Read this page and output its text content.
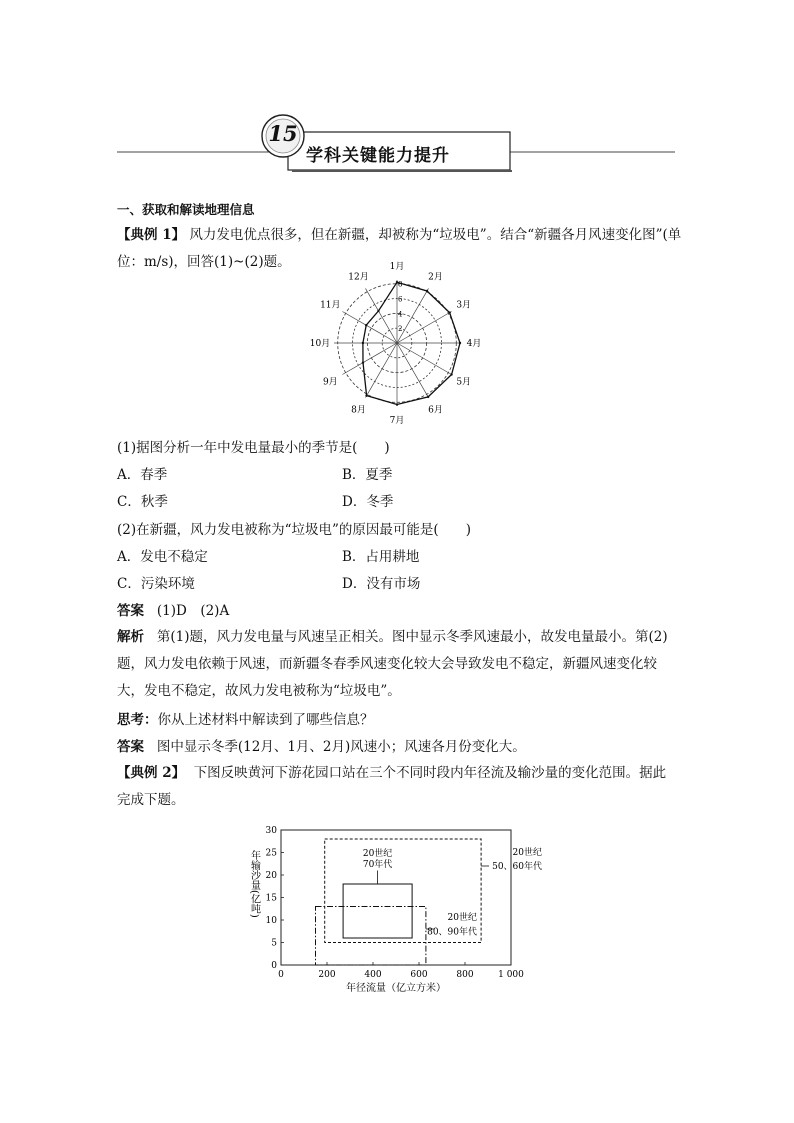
15
学科关键能力提升
一、获取和解读地理信息
【典例 1】 风力发电优点很多，但在新疆，却被称为“垃圾电”。结合“新疆各月风速变化图”(单
位：m/s)，回答(1)~(2)题。
2
4
6
8
1月
2月
3月
4月
5月
6月
7月
8月
9月
10月
11月
12月
(1)据图分析一年中发电量最小的季节是(　　)
A．春季	B．夏季
C．秋季	D．冬季
(2)在新疆，风力发电被称为“垃圾电”的原因最可能是(　　)
A．发电不稳定	B．占用耕地
C．污染环境	D．没有市场
答案 (1)D　(2)A
解析 第(1)题，风力发电量与风速呈正相关。图中显示冬季风速最小，故发电量最小。第(2)题，风力发电依赖于风速，而新疆冬春季风速变化较大会导致发电不稳定，新疆风速变化较大，发电不稳定，故风力发电被称为“垃圾电”。
思考：你从上述材料中解读到了哪些信息？
答案 图中显示冬季(12月、1月、2月)风速小；风速各月份变化大。
【典例 2】 下图反映黄河下游花园口站在三个不同时段内年径流及输沙量的变化范围。据此完成下题。
0	200	400	600	800	1 000
0
5
10
15
20
25
30
年径流量（亿立方米）
年输沙量(亿吨)	20世纪
50、60年代
20世纪
70年代
20世纪
80、90年代
